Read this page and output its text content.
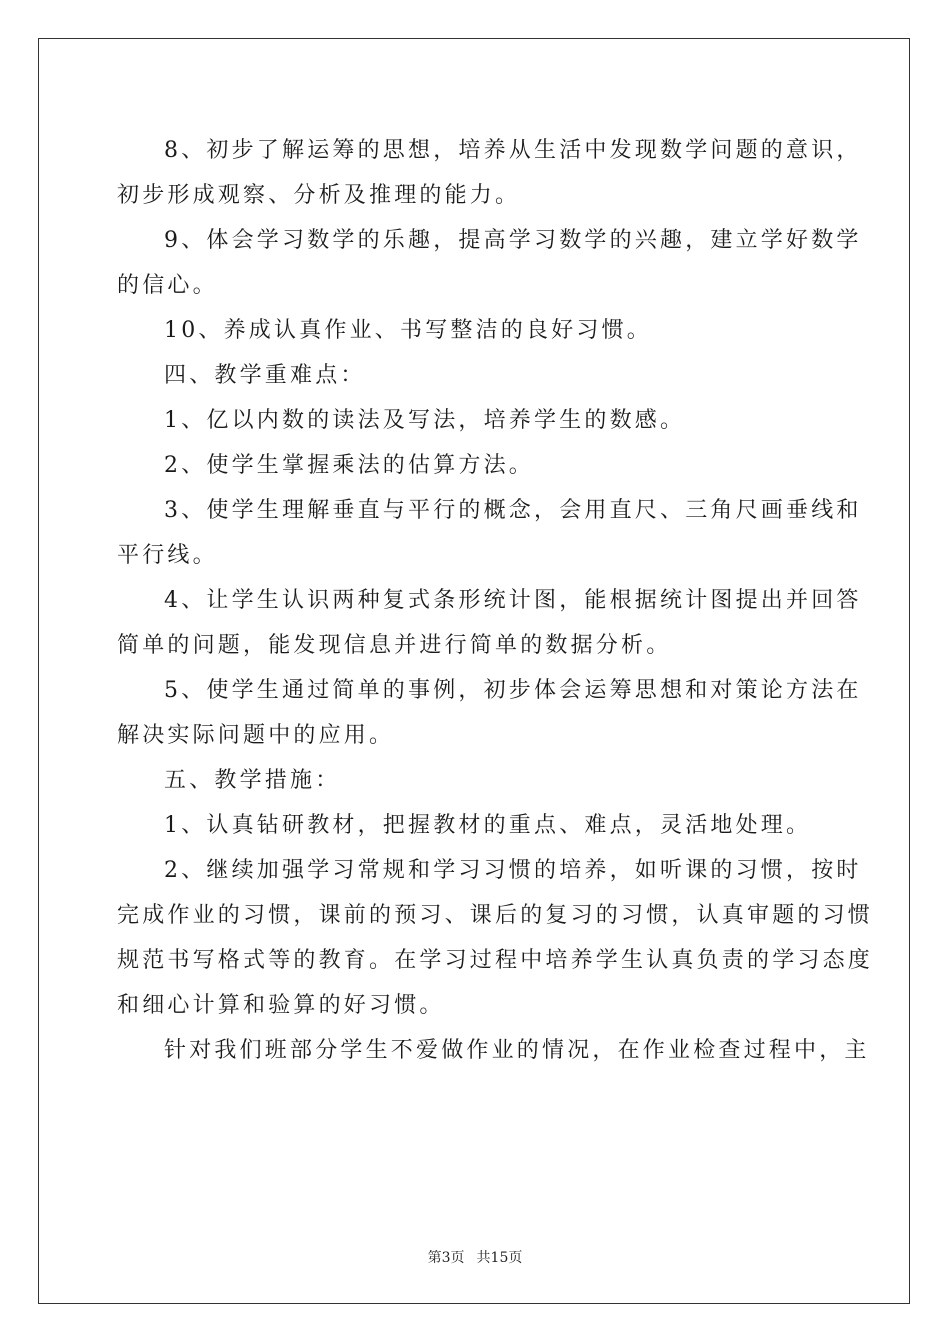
8、初步了解运筹的思想，培养从生活中发现数学问题的意识，
初步形成观察、分析及推理的能力。

9、体会学习数学的乐趣，提高学习数学的兴趣，建立学好数学
的信心。

10、养成认真作业、书写整洁的良好习惯。

四、教学重难点：

1、亿以内数的读法及写法，培养学生的数感。

2、使学生掌握乘法的估算方法。

3、使学生理解垂直与平行的概念，会用直尺、三角尺画垂线和
平行线。

4、让学生认识两种复式条形统计图，能根据统计图提出并回答
简单的问题，能发现信息并进行简单的数据分析。

5、使学生通过简单的事例，初步体会运筹思想和对策论方法在
解决实际问题中的应用。

五、教学措施：

1、认真钻研教材，把握教材的重点、难点，灵活地处理。

2、继续加强学习常规和学习习惯的培养，如听课的习惯，按时
完成作业的习惯，课前的预习、课后的复习的习惯，认真审题的习惯
规范书写格式等的教育。在学习过程中培养学生认真负责的学习态度
和细心计算和验算的好习惯。

针对我们班部分学生不爱做作业的情况，在作业检查过程中，主

第3页 共15页
